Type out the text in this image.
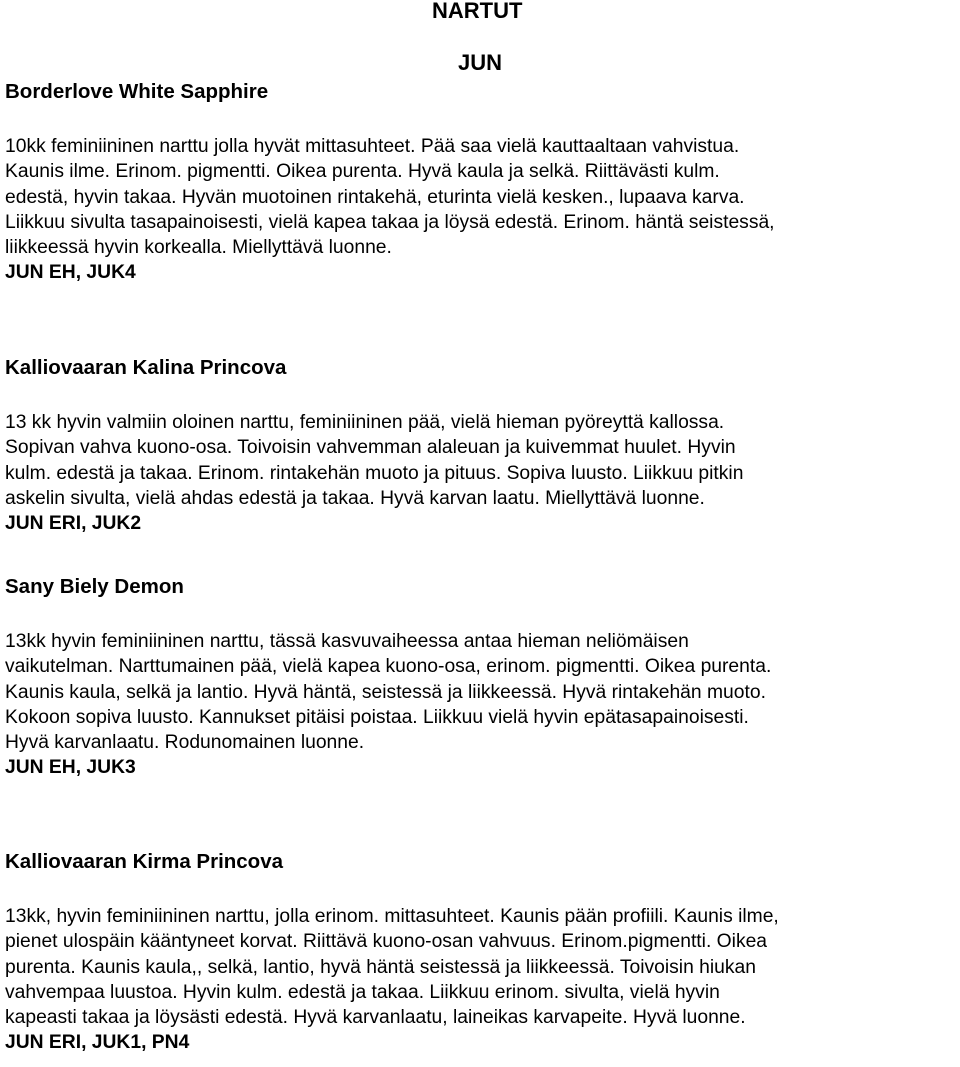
NARTUT
JUN
Borderlove White Sapphire
10kk feminiininen narttu jolla hyvät mittasuhteet. Pää saa vielä kauttaaltaan vahvistua.
Kaunis ilme. Erinom. pigmentti. Oikea purenta. Hyvä kaula ja selkä. Riittävästi kulm.
edestä, hyvin takaa. Hyvän muotoinen rintakehä, eturinta vielä kesken., lupaava karva.
Liikkuu sivulta tasapainoisesti, vielä kapea takaa ja löysä edestä. Erinom. häntä seistessä,
liikkeessä hyvin korkealla. Miellyttävä luonne.
JUN EH, JUK4
Kalliovaaran Kalina Princova
13 kk hyvin valmiin oloinen narttu, feminiininen pää, vielä hieman pyöreyttä kallossa.
Sopivan vahva kuono-osa. Toivoisin vahvemman alaleuan ja kuivemmat huulet. Hyvin
kulm. edestä ja takaa. Erinom. rintakehän muoto ja pituus. Sopiva luusto. Liikkuu pitkin
askelin sivulta, vielä ahdas edestä ja takaa. Hyvä karvan laatu. Miellyttävä luonne.
JUN ERI, JUK2
Sany Biely Demon
13kk hyvin feminiininen narttu, tässä kasvuvaiheessa antaa hieman neliömäisen
vaikutelman. Narttumainen pää, vielä kapea kuono-osa, erinom. pigmentti. Oikea purenta.
Kaunis kaula, selkä ja lantio. Hyvä häntä, seistessä ja liikkeessä. Hyvä rintakehän muoto.
Kokoon sopiva luusto. Kannukset pitäisi poistaa. Liikkuu vielä hyvin epätasapainoisesti.
Hyvä karvanlaatu. Rodunomainen luonne.
JUN EH, JUK3
Kalliovaaran Kirma Princova
13kk, hyvin feminiininen narttu, jolla erinom. mittasuhteet. Kaunis pään profiili. Kaunis ilme,
pienet ulospäin kääntyneet korvat. Riittävä kuono-osan vahvuus. Erinom.pigmentti. Oikea
purenta. Kaunis kaula,, selkä, lantio, hyvä häntä seistessä ja liikkeessä. Toivoisin hiukan
vahvempaa luustoa. Hyvin kulm. edestä ja takaa. Liikkuu erinom. sivulta, vielä hyvin
kapeasti takaa ja löysästi edestä. Hyvä karvanlaatu, laineikas karvapeite. Hyvä luonne.
JUN ERI, JUK1, PN4
